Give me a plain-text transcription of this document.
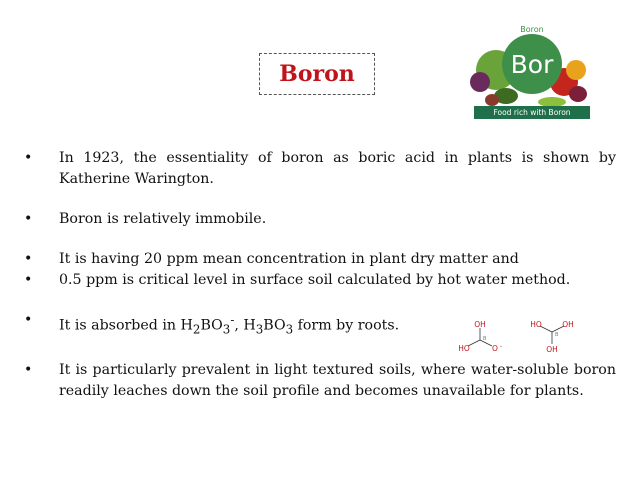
Boron
Boron
Bor
Food rich with Boron
•	In 1923, the essentiality of boron as boric acid in plants is shown by Katherine Warington.
•	Boron is relatively immobile.
•	It is having 20 ppm mean concentration in plant dry matter and
•	0.5 ppm is critical level in surface soil calculated by hot water method.
•	It is absorbed in $H_2BO_3^-$, $H_3BO_3$ form by roots.
•	It is particularly prevalent in light textured soils, where water-soluble boron readily leaches down the soil profile and becomes unavailable for plants.
OH
B
HO	O -
HO	OH
B
OH
